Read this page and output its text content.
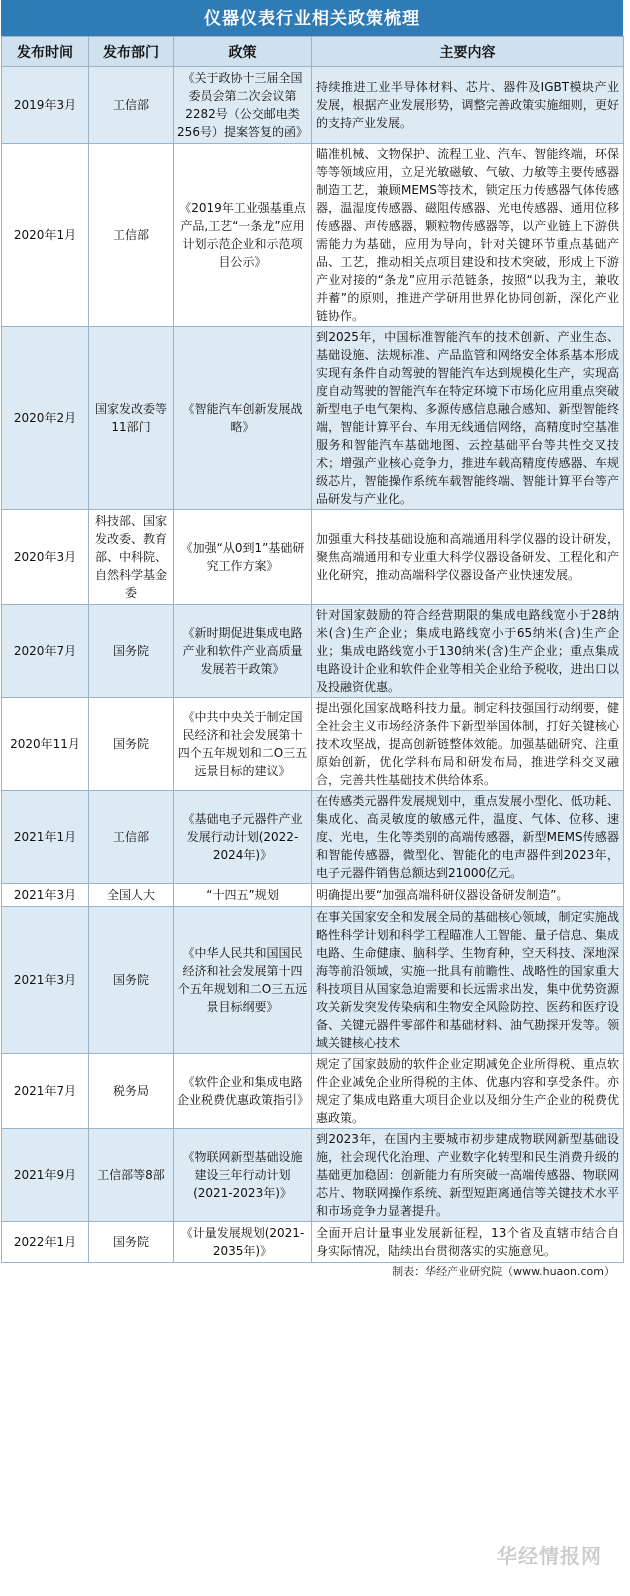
仪器仪表行业相关政策梳理
发布时间	发布部门	政策	主要内容
2019年3月	工信部	《关于政协十三届全国委员会第二次会议第2282号（公交邮电类256号）提案答复的函》	持续推进工业半导体材料、芯片、器件及IGBT模块产业发展，根据产业发展形势，调整完善政策实施细则，更好的支持产业发展。
2020年1月	工信部	《2019年工业强基重点产品,工艺“一条龙”应用计划示范企业和示范项目公示》	瞄准机械、文物保护、流程工业、汽车、智能终端，环保等等领域应用，立足光敏磁敏、气敏、力敏等主要传感器制造工艺，兼顾MEMS等技术，锁定压力传感器气体传感器，温湿度传感器、磁阻传感器、光电传感器、通用位移传感器、声传感器，颗粒物传感器等，以产业链上下游供需能力为基础，应用为导向，针对关键环节重点基础产品、工艺，推动相关点项目建设和技术突破，形成上下游产业对接的“条龙”应用示范链条，按照“以我为主，兼收并蓄”的原则，推进产学研用世界化协同创新，深化产业链协作。
2020年2月	国家发改委等11部门	《智能汽车创新发展战略》	到2025年，中国标准智能汽车的技术创新、产业生态、基础设施、法规标准、产品监管和网络安全体系基本形成实现有条件自动驾驶的智能汽车达到规模化生产，实现高度自动驾驶的智能汽车在特定环境下市场化应用重点突破新型电子电气架构、多源传感信息融合感知、新型智能终端，智能计算平台、车用无线通信网络，高精度时空基准服务和智能汽车基础地图、云控基础平台等共性交叉技术；增强产业核心竞争力，推进车载高精度传感器、车规级芯片，智能操作系统车载智能终端、智能计算平台等产品研发与产业化。
2020年3月	科技部、国家发改委、教育部、中科院、自然科学基金委	《加强“从0到1”基础研究工作方案》	加强重大科技基础设施和高端通用科学仪器的设计研发，聚焦高端通用和专业重大科学仪器设备研发、工程化和产业化研究，推动高端科学仪器设备产业快速发展。
2020年7月	国务院	《新时期促进集成电路产业和软件产业高质量发展若干政策》	针对国家鼓励的符合经营期限的集成电路线宽小于28纳米(含)生产企业；集成电路线宽小于65纳米(含)生产企业；集成电路线宽小于130纳米(含)生产企业；重点集成电路设计企业和软件企业等相关企业给予税收，进出口以及投融资优惠。
2020年11月	国务院	《中共中央关于制定国民经济和社会发展第十四个五年规划和二O三五远景目标的建议》	提出强化国家战略科技力量。制定科技强国行动纲要，健全社会主义市场经济条件下新型举国体制，打好关键核心技术攻坚战，提高创新链整体效能。加强基础研究、注重原始创新，优化学科布局和研发布局，推进学科交叉融合，完善共性基础技术供给体系。
2021年1月	工信部	《基础电子元器件产业发展行动计划(2022-2024年)》	在传感类元器件发展规划中，重点发展小型化、低功耗、集成化、高灵敏度的敏感元件，温度、气体、位移、速度、光电，生化等类别的高端传感器，新型MEMS传感器和智能传感器，微型化、智能化的电声器件到2023年，电子元器件销售总额达到21000亿元。
2021年3月	全国人大	“十四五”规划	明确提出要“加强高端科研仪器设备研发制造”。
2021年3月	国务院	《中华人民共和国国民经济和社会发展第十四个五年规划和二O三五远景目标纲要》	在事关国家安全和发展全局的基础核心领域，制定实施战略性科学计划和科学工程瞄准人工智能、量子信息、集成电路、生命健康、脑科学、生物育种，空天科技、深地深海等前沿领域，实施一批具有前瞻性、战略性的国家重大科技项目从国家急迫需要和长远需求出发，集中优势资源攻关新发突发传染病和生物安全风险防控、医药和医疗设备、关键元器件零部件和基础材料、油气勘探开发等。领域关键核心技术
2021年7月	税务局	《软件企业和集成电路企业税费优惠政策指引》	规定了国家鼓励的软件企业定期减免企业所得税、重点软件企业减免企业所得税的主体、优惠内容和享受条件。亦规定了集成电路重大项目企业以及细分生产企业的税费优惠政策。
2021年9月	工信部等8部	《物联网新型基础设施建设三年行动计划(2021-2023年)》	到2023年，在国内主要城市初步建成物联网新型基础设施，社会现代化治理、产业数字化转型和民生消费升级的基础更加稳固：创新能力有所突破一高端传感器、物联网芯片、物联网操作系统、新型短距离通信等关键技术水平和市场竞争力显著提升。
2022年1月	国务院	《计量发展规划(2021-2035年)》	全面开启计量事业发展新征程，13个省及直辖市结合自身实际情况，陆续出台贯彻落实的实施意见。
制表：华经产业研究院（www.huaon.com）
华经情报网
